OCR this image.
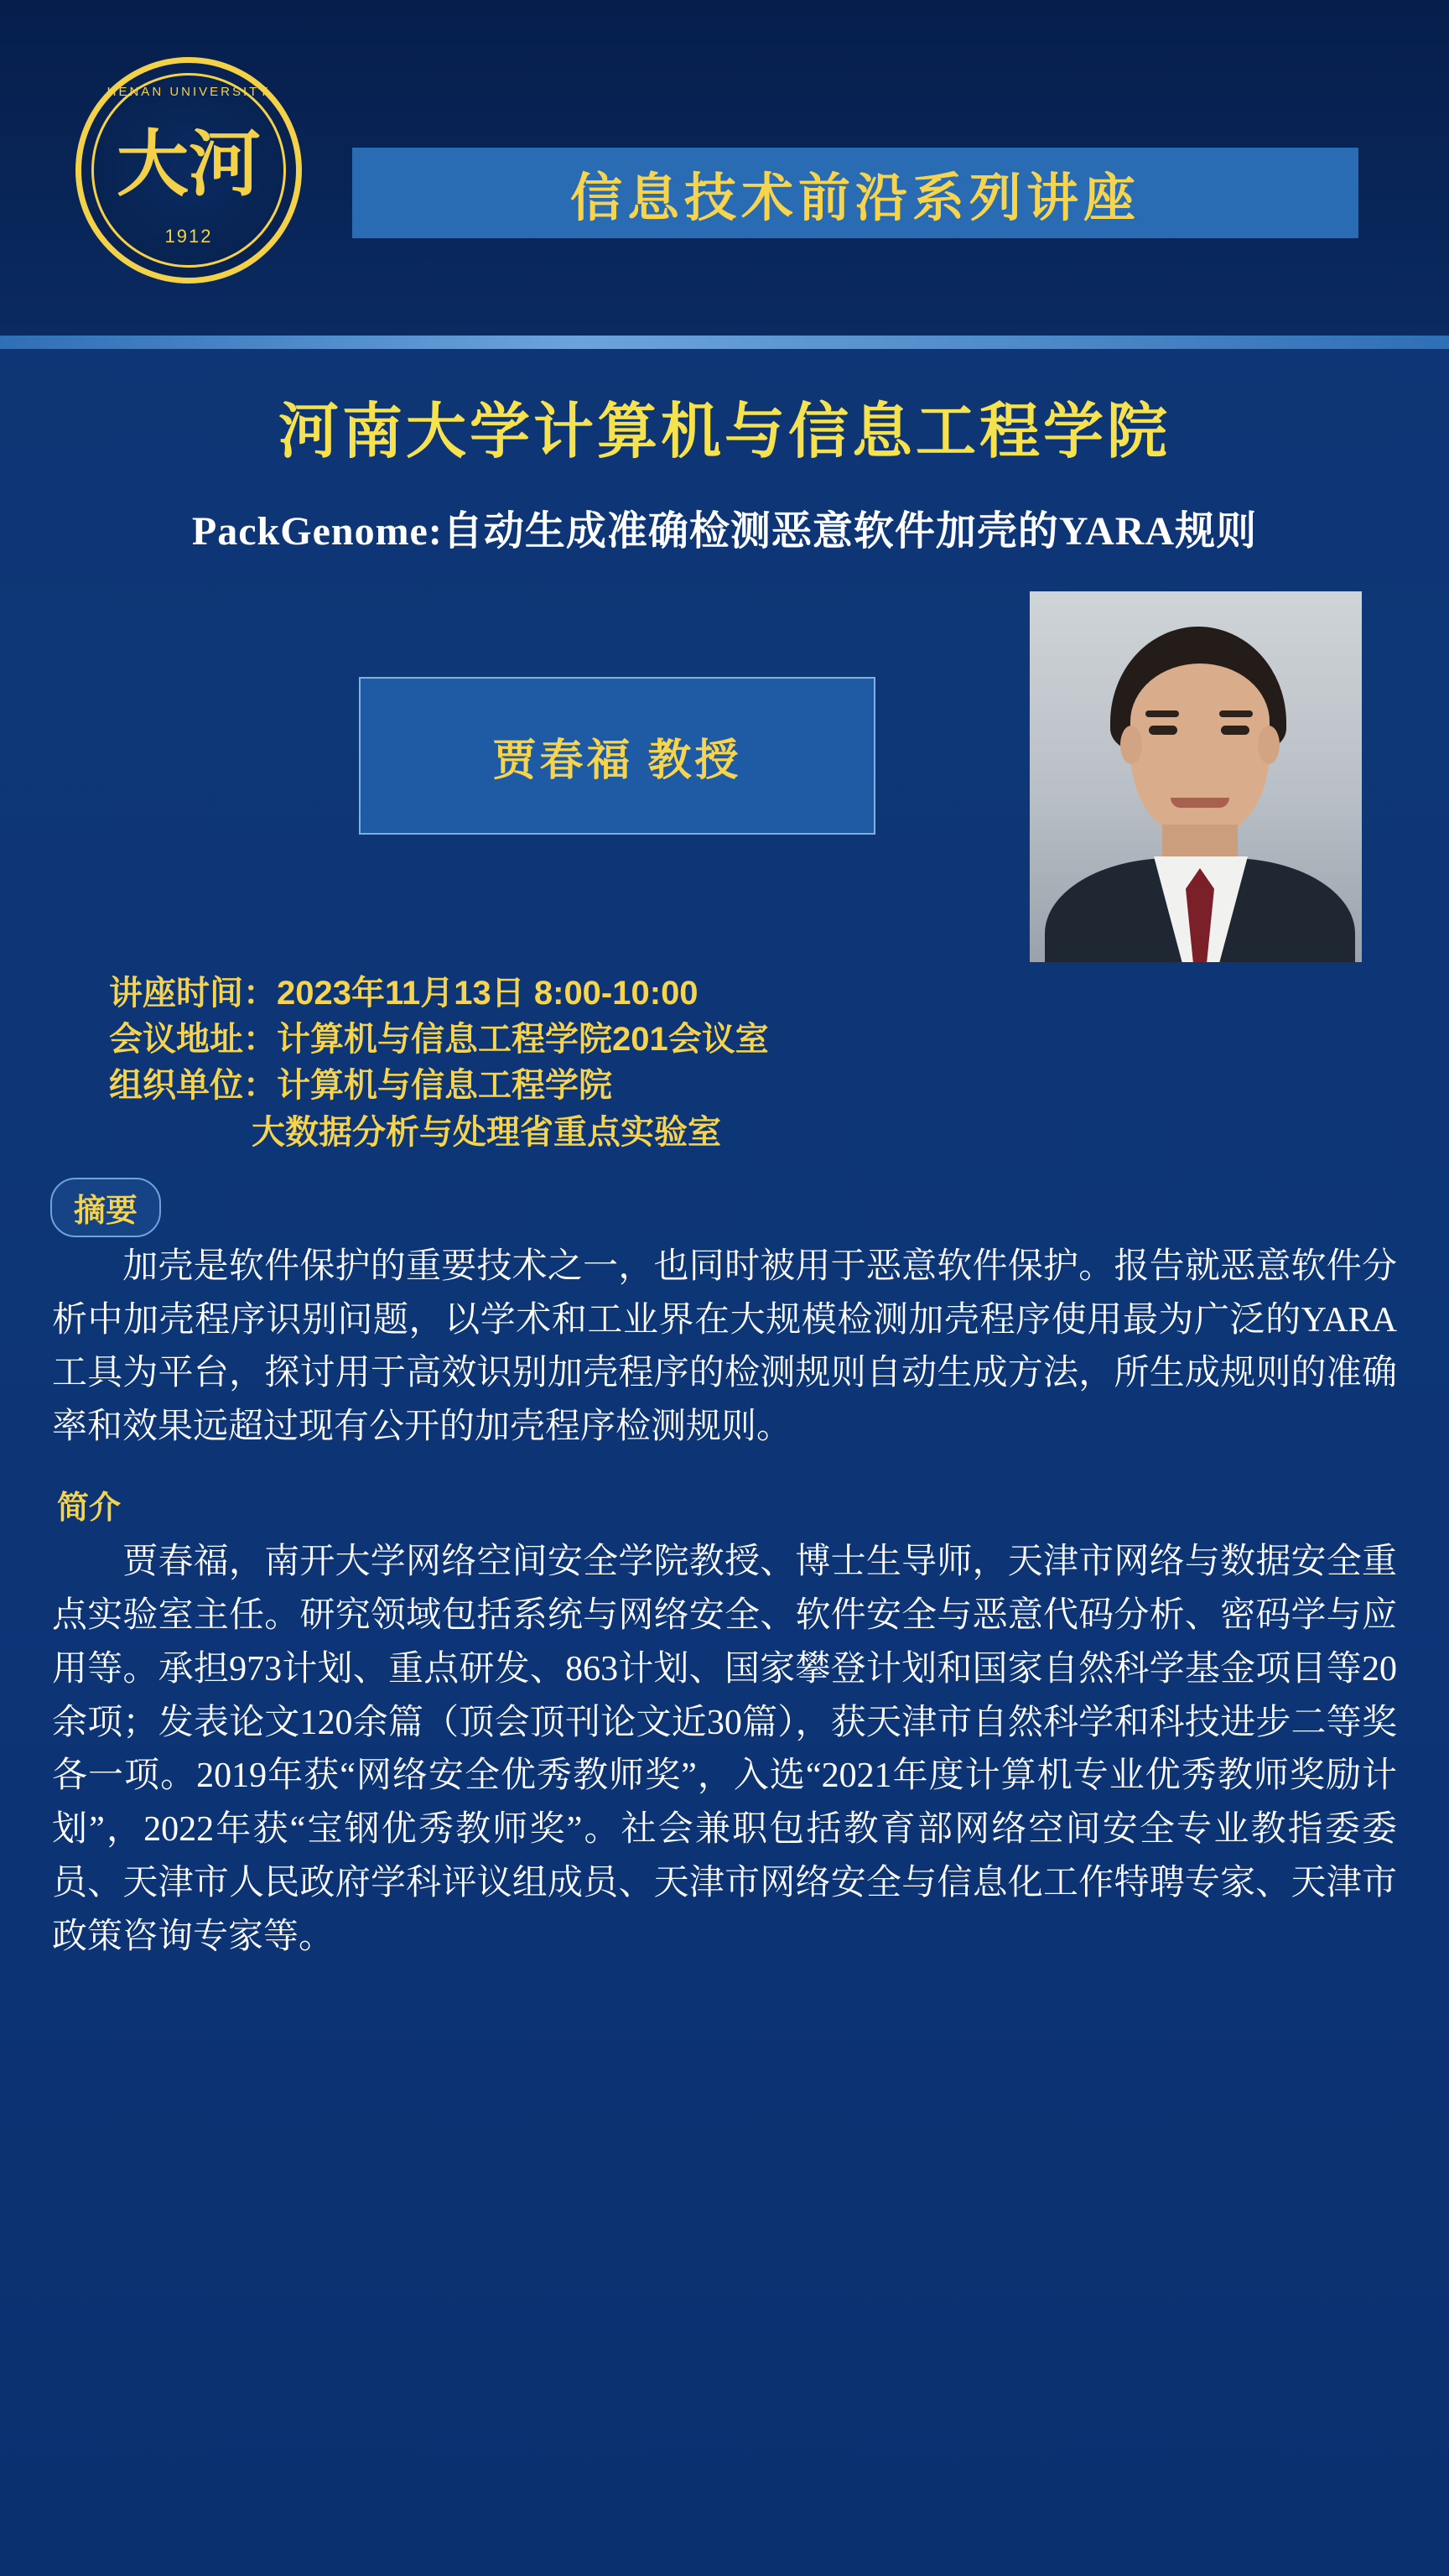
HENAN UNIVERSITY
大河
1912
信息技术前沿系列讲座
河南大学计算机与信息工程学院
PackGenome:自动生成准确检测恶意软件加壳的YARA规则
贾春福 教授
讲座时间：2023年11月13日 8:00-10:00
会议地址：计算机与信息工程学院201会议室
组织单位：计算机与信息工程学院
大数据分析与处理省重点实验室
摘要
加壳是软件保护的重要技术之一，也同时被用于恶意软件保护。报告就恶意软件分析中加壳程序识别问题，以学术和工业界在大规模检测加壳程序使用最为广泛的YARA工具为平台，探讨用于高效识别加壳程序的检测规则自动生成方法，所生成规则的准确率和效果远超过现有公开的加壳程序检测规则。
简介
贾春福，南开大学网络空间安全学院教授、博士生导师，天津市网络与数据安全重点实验室主任。研究领域包括系统与网络安全、软件安全与恶意代码分析、密码学与应用等。承担973计划、重点研发、863计划、国家攀登计划和国家自然科学基金项目等20余项；发表论文120余篇（顶会顶刊论文近30篇），获天津市自然科学和科技进步二等奖各一项。2019年获“网络安全优秀教师奖”，入选“2021年度计算机专业优秀教师奖励计划”，2022年获“宝钢优秀教师奖”。社会兼职包括教育部网络空间安全专业教指委委员、天津市人民政府学科评议组成员、天津市网络安全与信息化工作特聘专家、天津市政策咨询专家等。
